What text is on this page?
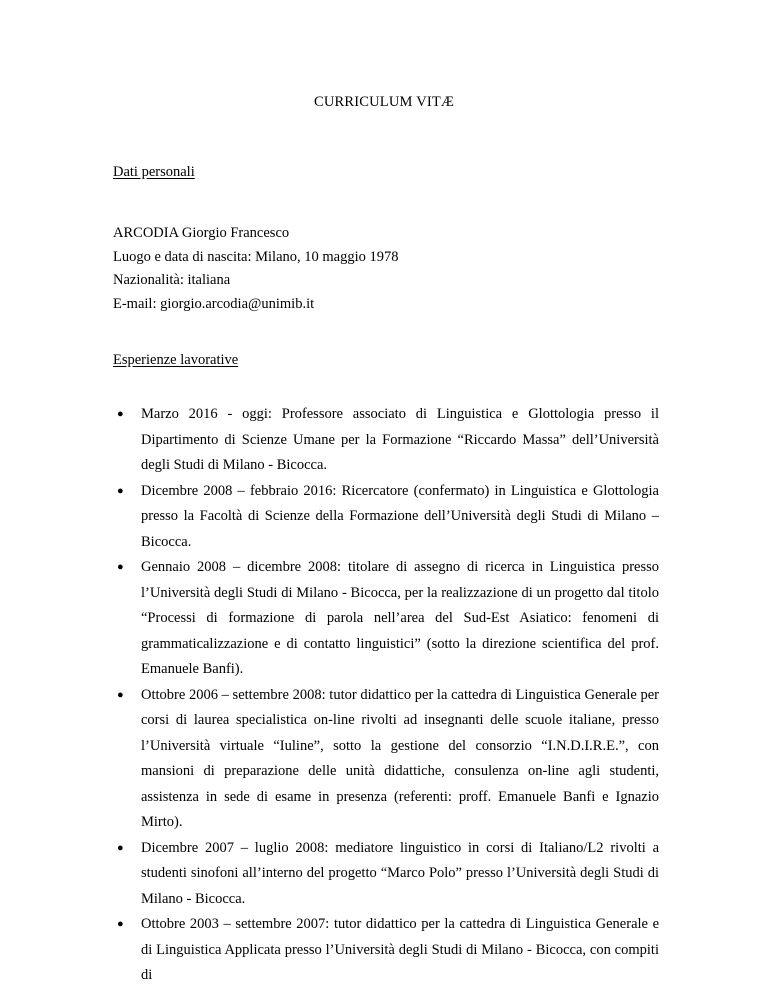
CURRICULUM VITÆ
Dati personali
ARCODIA Giorgio Francesco
Luogo e data di nascita: Milano, 10 maggio 1978
Nazionalità: italiana
E-mail: giorgio.arcodia@unimib.it
Esperienze lavorative
● Marzo 2016 - oggi: Professore associato di Linguistica e Glottologia presso il Dipartimento di Scienze Umane per la Formazione “Riccardo Massa” dell’Università degli Studi di Milano - Bicocca.
● Dicembre 2008 – febbraio 2016: Ricercatore (confermato) in Linguistica e Glottologia presso la Facoltà di Scienze della Formazione dell’Università degli Studi di Milano – Bicocca.
● Gennaio 2008 – dicembre 2008: titolare di assegno di ricerca in Linguistica presso l’Università degli Studi di Milano - Bicocca, per la realizzazione di un progetto dal titolo “Processi di formazione di parola nell’area del Sud-Est Asiatico: fenomeni di grammaticalizzazione e di contatto linguistici” (sotto la direzione scientifica del prof. Emanuele Banfi).
● Ottobre 2006 – settembre 2008: tutor didattico per la cattedra di Linguistica Generale per corsi di laurea specialistica on-line rivolti ad insegnanti delle scuole italiane, presso l’Università virtuale “Iuline”, sotto la gestione del consorzio “I.N.D.I.R.E.”, con mansioni di preparazione delle unità didattiche, consulenza on-line agli studenti, assistenza in sede di esame in presenza (referenti: proff. Emanuele Banfi e Ignazio Mirto).
● Dicembre 2007 – luglio 2008: mediatore linguistico in corsi di Italiano/L2 rivolti a studenti sinofoni all’interno del progetto “Marco Polo” presso l’Università degli Studi di Milano - Bicocca.
● Ottobre 2003 – settembre 2007: tutor didattico per la cattedra di Linguistica Generale e di Linguistica Applicata presso l’Università degli Studi di Milano - Bicocca, con compiti di
